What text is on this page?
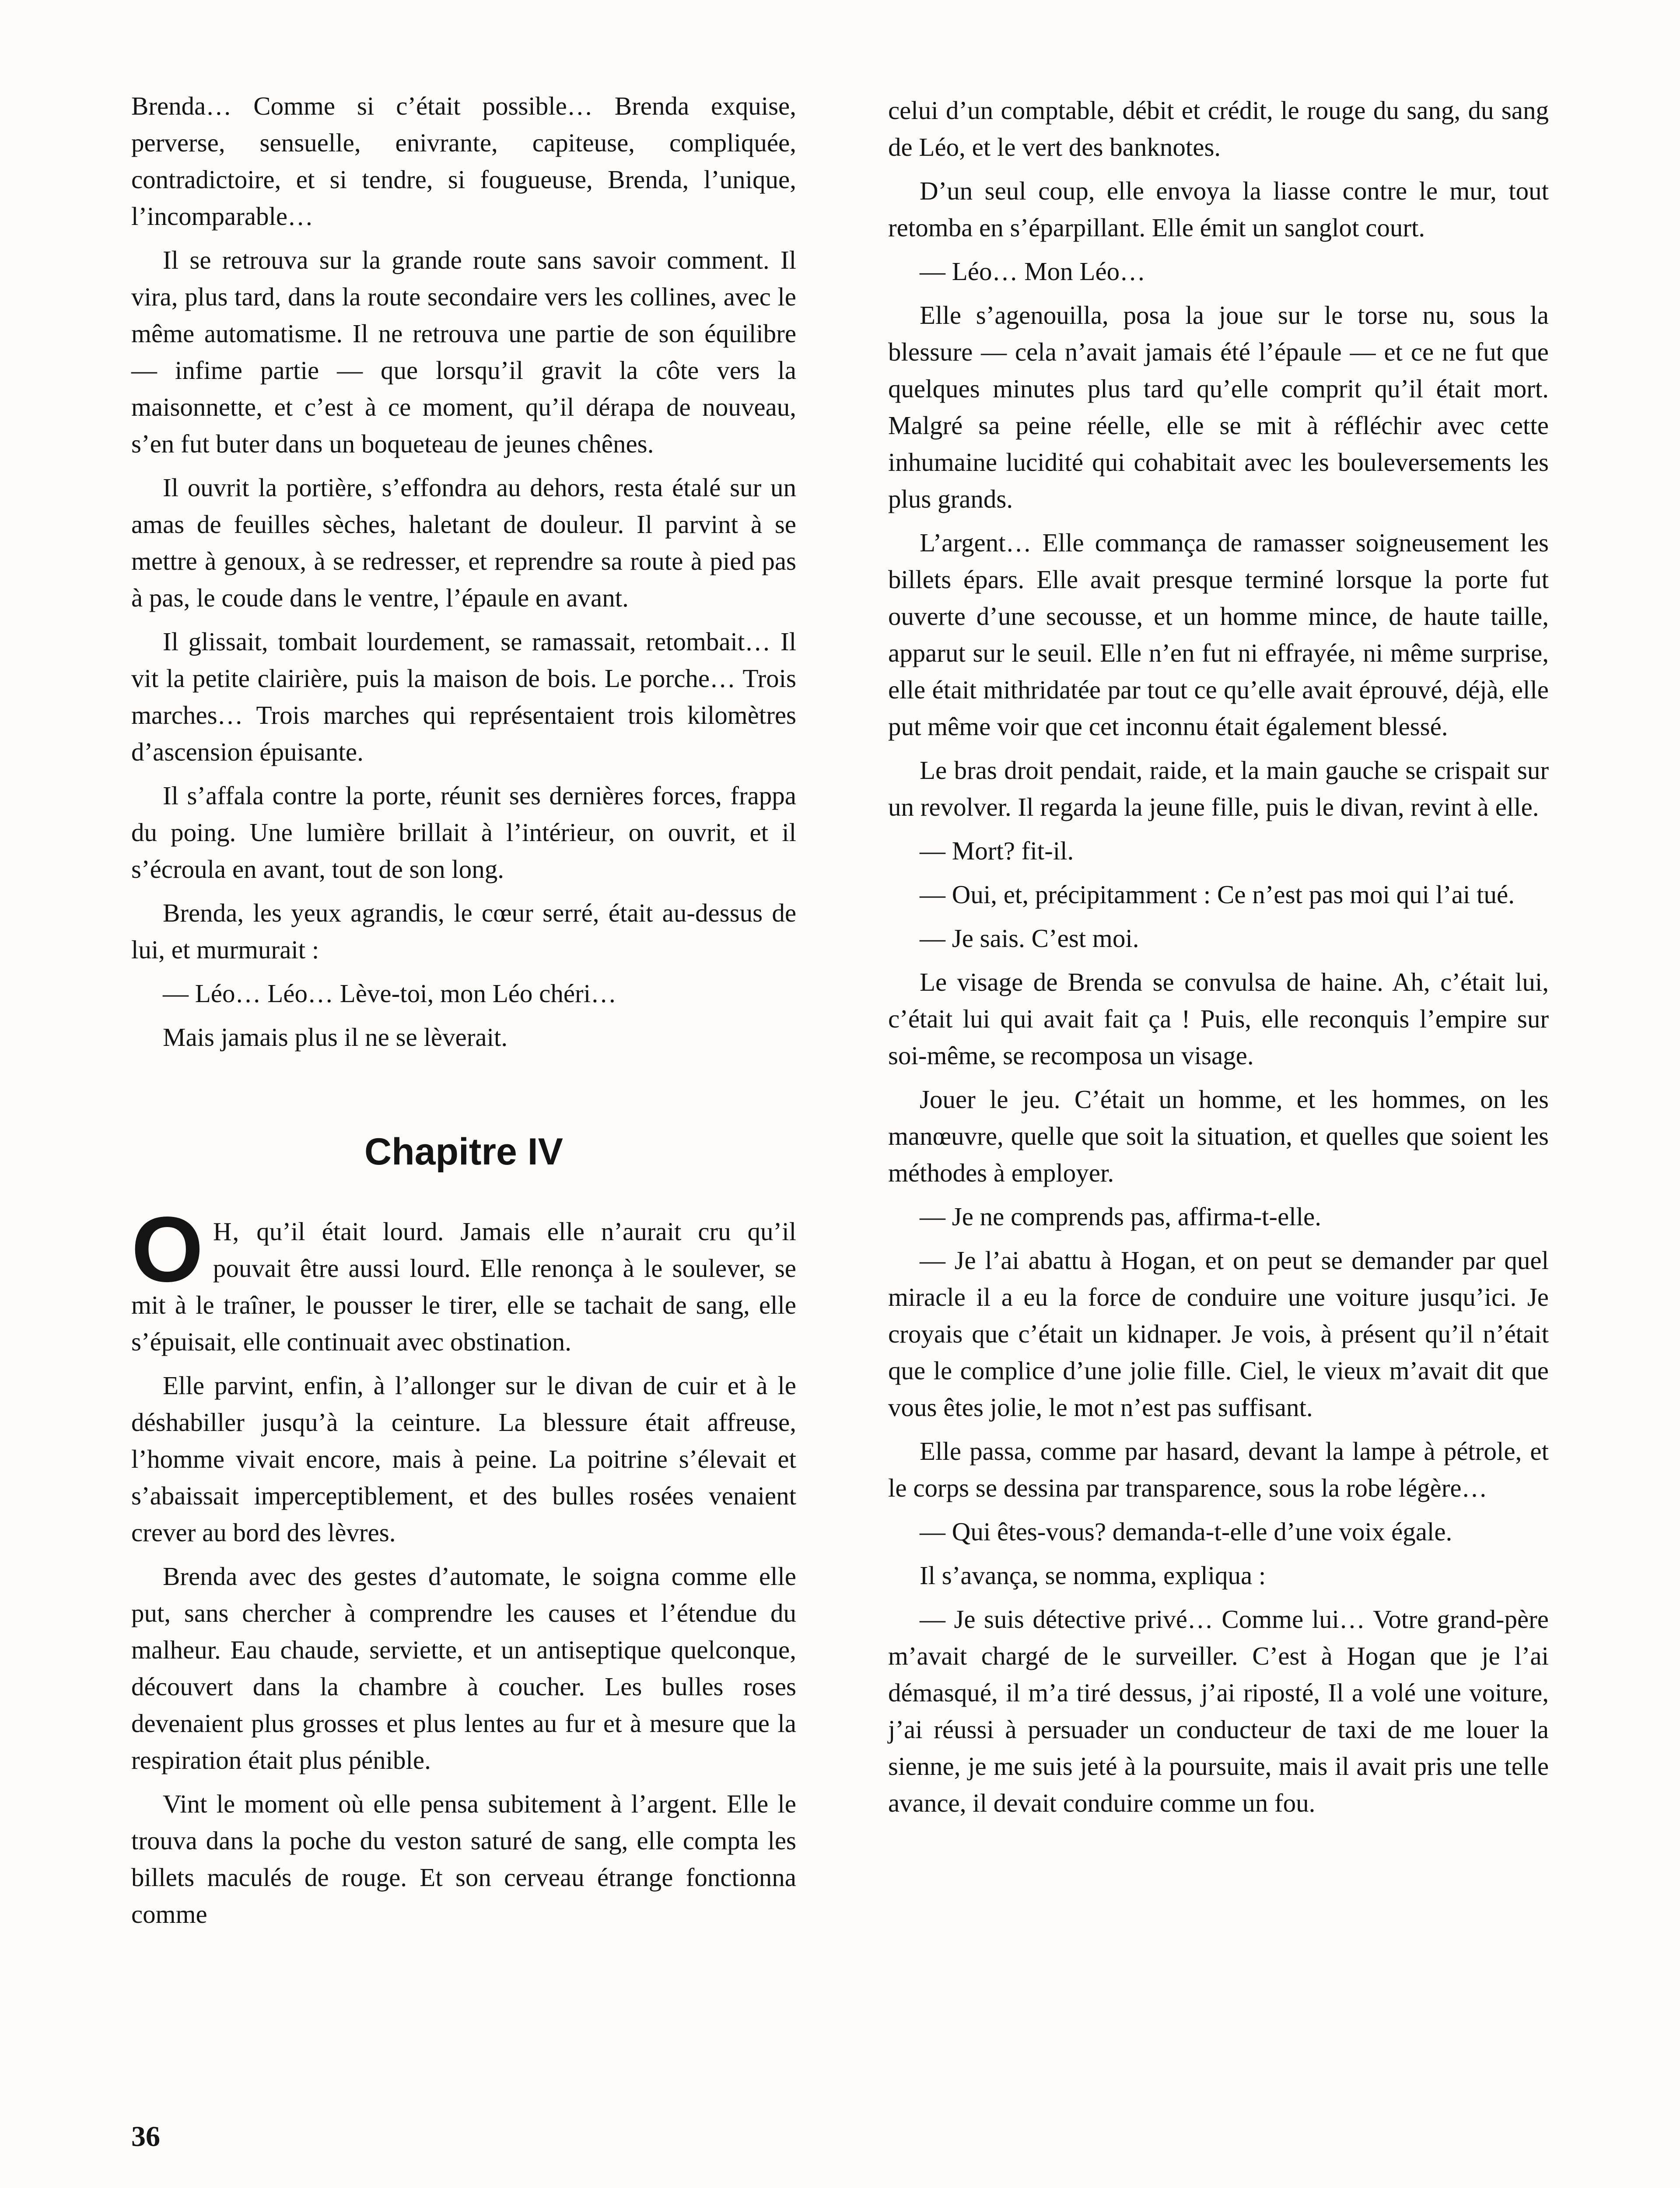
Brenda… Comme si c’était possible… Brenda exquise, perverse, sensuelle, enivrante, capiteuse, compliquée, contradictoire, et si tendre, si fougueuse, Brenda, l’unique, l’incomparable…

Il se retrouva sur la grande route sans savoir comment. Il vira, plus tard, dans la route secondaire vers les collines, avec le même automatisme. Il ne retrouva une partie de son équilibre — infime partie — que lorsqu’il gravit la côte vers la maisonnette, et c’est à ce moment, qu’il dérapa de nouveau, s’en fut buter dans un boqueteau de jeunes chênes.

Il ouvrit la portière, s’effondra au dehors, resta étalé sur un amas de feuilles sèches, haletant de douleur. Il parvint à se mettre à genoux, à se redresser, et reprendre sa route à pied pas à pas, le coude dans le ventre, l’épaule en avant.

Il glissait, tombait lourdement, se ramassait, retombait… Il vit la petite clairière, puis la maison de bois. Le porche… Trois marches… Trois marches qui représentaient trois kilomètres d’ascension épuisante.

Il s’affala contre la porte, réunit ses dernières forces, frappa du poing. Une lumière brillait à l’intérieur, on ouvrit, et il s’écroula en avant, tout de son long.

Brenda, les yeux agrandis, le cœur serré, était au-dessus de lui, et murmurait :

— Léo… Léo… Lève-toi, mon Léo chéri…

Mais jamais plus il ne se lèverait.

Chapitre IV

O H, qu’il était lourd. Jamais elle n’aurait cru qu’il pouvait être aussi lourd. Elle renonça à le soulever, se mit à le traîner, le pousser le tirer, elle se tachait de sang, elle s’épuisait, elle continuait avec obstination.

Elle parvint, enfin, à l’allonger sur le divan de cuir et à le déshabiller jusqu’à la ceinture. La blessure était affreuse, l’homme vivait encore, mais à peine. La poitrine s’élevait et s’abaissait imperceptiblement, et des bulles rosées venaient crever au bord des lèvres.

Brenda avec des gestes d’automate, le soigna comme elle put, sans chercher à comprendre les causes et l’étendue du malheur. Eau chaude, serviette, et un antiseptique quelconque, découvert dans la chambre à coucher. Les bulles roses devenaient plus grosses et plus lentes au fur et à mesure que la respiration était plus pénible.

Vint le moment où elle pensa subitement à l’argent. Elle le trouva dans la poche du veston saturé de sang, elle compta les billets maculés de rouge. Et son cerveau étrange fonctionna comme

celui d’un comptable, débit et crédit, le rouge du sang, du sang de Léo, et le vert des banknotes.

D’un seul coup, elle envoya la liasse contre le mur, tout retomba en s’éparpillant. Elle émit un sanglot court.

— Léo… Mon Léo…

Elle s’agenouilla, posa la joue sur le torse nu, sous la blessure — cela n’avait jamais été l’épaule — et ce ne fut que quelques minutes plus tard qu’elle comprit qu’il était mort. Malgré sa peine réelle, elle se mit à réfléchir avec cette inhumaine lucidité qui cohabitait avec les bouleversements les plus grands.

L’argent… Elle commança de ramasser soigneusement les billets épars. Elle avait presque terminé lorsque la porte fut ouverte d’une secousse, et un homme mince, de haute taille, apparut sur le seuil. Elle n’en fut ni effrayée, ni même surprise, elle était mithridatée par tout ce qu’elle avait éprouvé, déjà, elle put même voir que cet inconnu était également blessé.

Le bras droit pendait, raide, et la main gauche se crispait sur un revolver. Il regarda la jeune fille, puis le divan, revint à elle.

— Mort? fit-il.

— Oui, et, précipitamment : Ce n’est pas moi qui l’ai tué.

— Je sais. C’est moi.

Le visage de Brenda se convulsa de haine. Ah, c’était lui, c’était lui qui avait fait ça ! Puis, elle reconquis l’empire sur soi-même, se recomposa un visage.

Jouer le jeu. C’était un homme, et les hommes, on les manœuvre, quelle que soit la situation, et quelles que soient les méthodes à employer.

— Je ne comprends pas, affirma-t-elle.

— Je l’ai abattu à Hogan, et on peut se demander par quel miracle il a eu la force de conduire une voiture jusqu’ici. Je croyais que c’était un kidnaper. Je vois, à présent qu’il n’était que le complice d’une jolie fille. Ciel, le vieux m’avait dit que vous êtes jolie, le mot n’est pas suffisant.

Elle passa, comme par hasard, devant la lampe à pétrole, et le corps se dessina par transparence, sous la robe légère…

— Qui êtes-vous? demanda-t-elle d’une voix égale.

Il s’avança, se nomma, expliqua :

— Je suis détective privé… Comme lui… Votre grand-père m’avait chargé de le surveiller. C’est à Hogan que je l’ai démasqué, il m’a tiré dessus, j’ai riposté, Il a volé une voiture, j’ai réussi à persuader un conducteur de taxi de me louer la sienne, je me suis jeté à la poursuite, mais il avait pris une telle avance, il devait conduire comme un fou.

36
